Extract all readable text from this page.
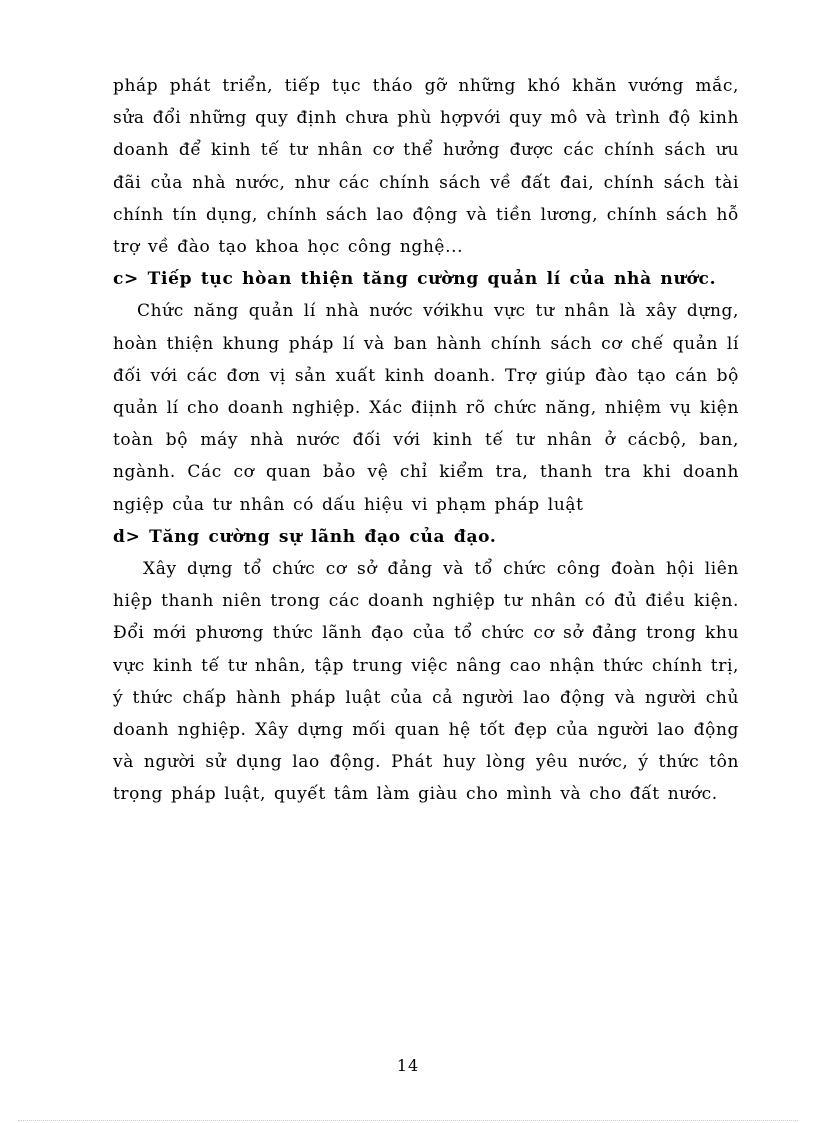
pháp phát triển, tiếp tục tháo gỡ những khó khăn vướng mắc, sửa đổi những quy định chưa phù hợpvới quy mô và trình độ kinh doanh để kinh tế tư nhân cơ thể hưởng được các chính sách ưu đãi của nhà nước, như các chính sách về đất đai, chính sách tài chính tín dụng, chính sách lao động và tiền lương, chính sách hỗ trợ về đào tạo khoa học công nghệ...

c> Tiếp tục hòan thiện tăng cường quản lí của nhà nước.

Chức năng quản lí nhà nước vớikhu vực tư nhân là xây dựng, hoàn thiện khung pháp lí và ban hành chính sách cơ chế quản lí đối với các đơn vị sản xuất kinh doanh. Trợ giúp đào tạo cán bộ quản lí cho doanh nghiệp. Xác điịnh rõ chức năng, nhiệm vụ kiện toàn bộ máy nhà nước đối với kinh tế tư nhân ở cácbộ, ban, ngành. Các cơ quan bảo vệ chỉ kiểm tra, thanh tra khi doanh ngiệp của tư nhân có dấu hiệu vi phạm pháp luật

d> Tăng cường sự lãnh đạo của đạo.

Xây dựng tổ chức cơ sở đảng và tổ chức công đoàn hội liên hiệp thanh niên trong các doanh nghiệp tư nhân có đủ điều kiện. Đổi mới phương thức lãnh đạo của tổ chức cơ sở đảng trong khu vực kinh tế tư nhân, tập trung việc nâng cao nhận thức chính trị, ý thức chấp hành pháp luật của cả người lao động và người chủ doanh nghiệp. Xây dựng mối quan hệ tốt đẹp của người lao động và người sử dụng lao động. Phát huy lòng yêu nước, ý thức tôn trọng pháp luật, quyết tâm làm giàu cho mình và cho đất nước.

14
